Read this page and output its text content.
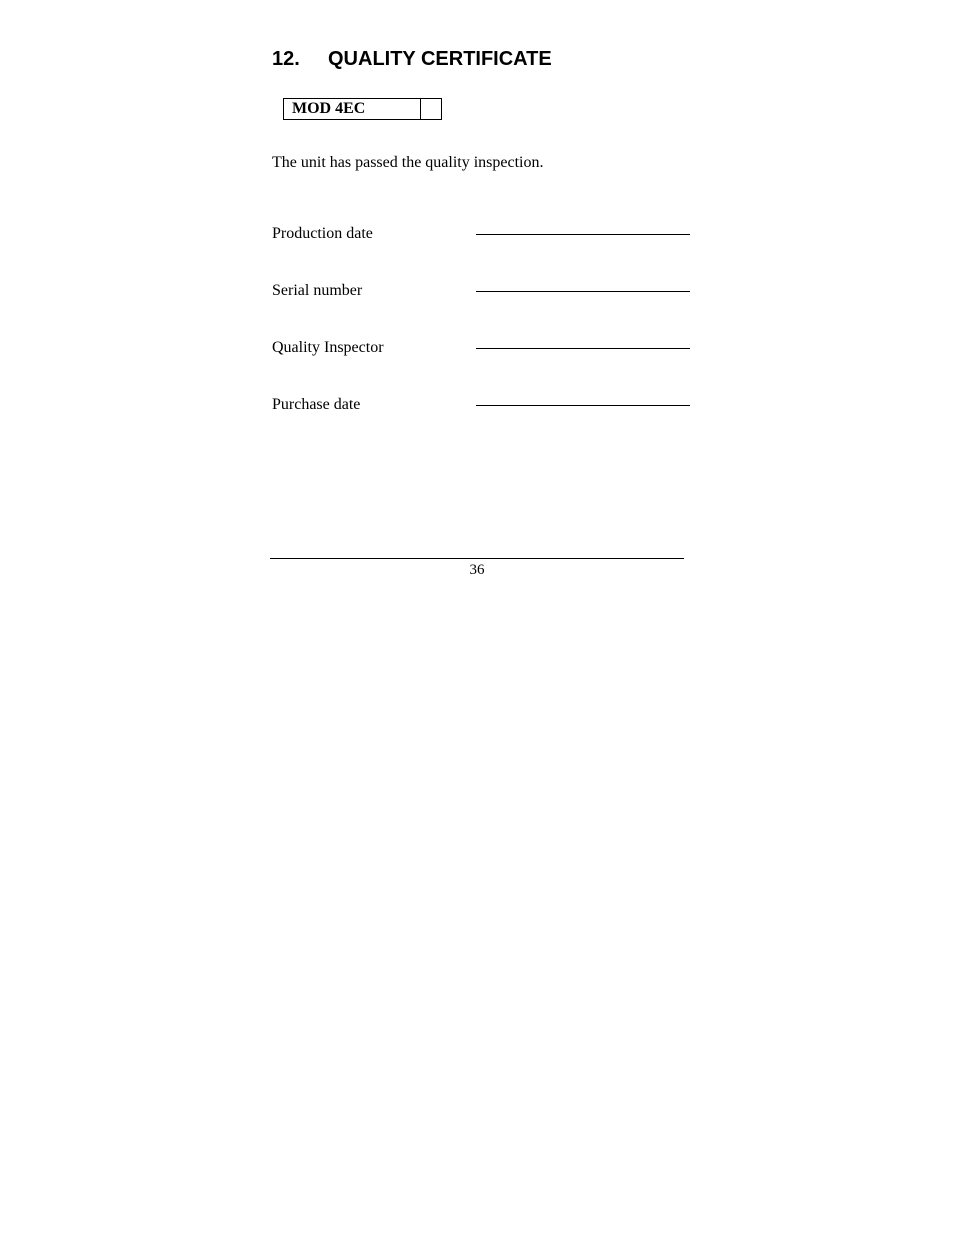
12. QUALITY CERTIFICATE
MOD 4EC
The unit has passed the quality inspection.
Production date
Serial number
Quality Inspector
Purchase date
36
